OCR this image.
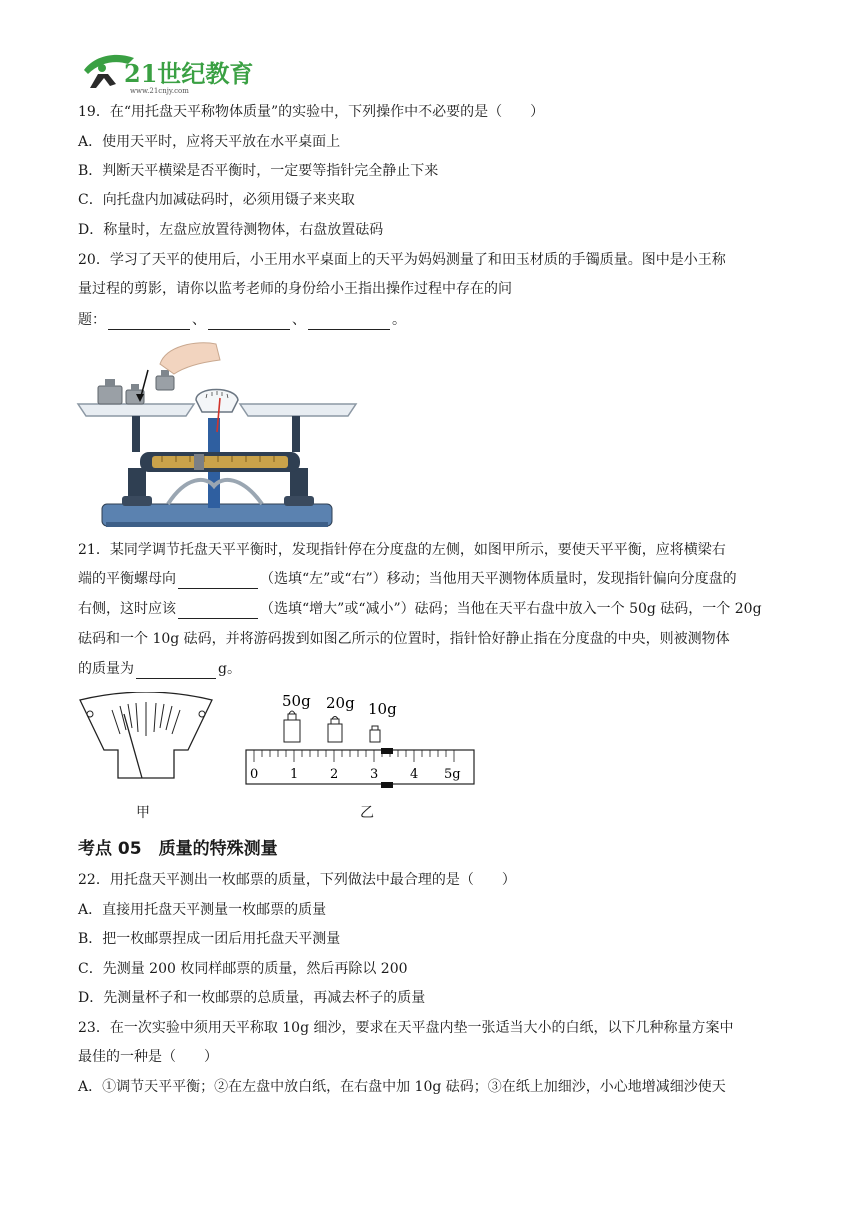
21世纪教育
www.21cnjy.com
19．在“用托盘天平称物体质量”的实验中，下列操作中不必要的是（　　）
A．使用天平时，应将天平放在水平桌面上
B．判断天平横梁是否平衡时，一定要等指针完全静止下来
C．向托盘内加减砝码时，必须用镊子来夹取
D．称量时，左盘应放置待测物体，右盘放置砝码
20．学习了天平的使用后，小王用水平桌面上的天平为妈妈测量了和田玉材质的手镯质量。图中是小王称
量过程的剪影，请你以监考老师的身份给小王指出操作过程中存在的问
题：	、	、	。
21．某同学调节托盘天平平衡时，发现指针停在分度盘的左侧，如图甲所示，要使天平平衡，应将横梁右
端的平衡螺母向	（选填“左”或“右”）移动；当他用天平测物体质量时，发现指针偏向分度盘的
右侧，这时应该	（选填“增大”或“减小”）砝码；当他在天平右盘中放入一个 50g 砝码，一个 20g
砝码和一个 10g 砝码，并将游码拨到如图乙所示的位置时，指针恰好静止指在分度盘的中央，则被测物体
的质量为	g。
甲
50g 20g 10g
0 1 2 3 4 5g
乙
考点 05　质量的特殊测量
22．用托盘天平测出一枚邮票的质量，下列做法中最合理的是（　　）
A．直接用托盘天平测量一枚邮票的质量
B．把一枚邮票捏成一团后用托盘天平测量
C．先测量 200 枚同样邮票的质量，然后再除以 200
D．先测量杯子和一枚邮票的总质量，再减去杯子的质量
23．在一次实验中须用天平称取 10g 细沙，要求在天平盘内垫一张适当大小的白纸，以下几种称量方案中
最佳的一种是（　　）
A．①调节天平平衡；②在左盘中放白纸，在右盘中加 10g 砝码；③在纸上加细沙，小心地增减细沙使天
